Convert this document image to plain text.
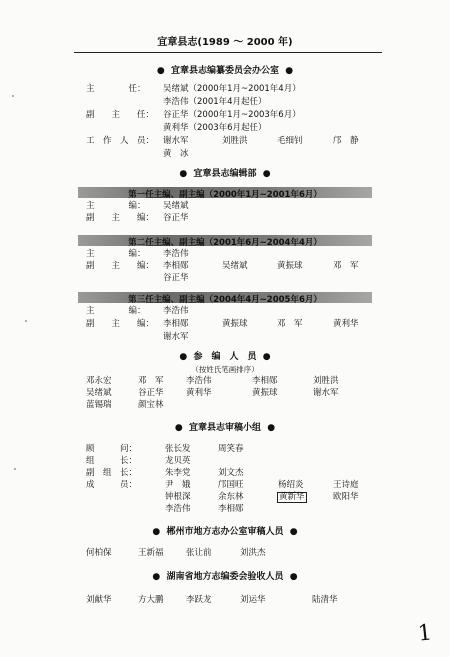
宜章县志(1989 ～ 2000 年)
●  宜章县志编纂委员会办公室  ●
主　　　　任： 吴绪斌（2000年1月~2001年4月）
李浩伟（2001年4月起任）
副　　主　　任： 谷正华（2000年1月~2003年6月）
黄利华（2003年6月起任）
工　作　人　员： 谢水军	刘胜洪	毛细钊	邝　静
黄　冰
●  宜章县志编辑部  ●
第一任主编、副主编（2000年1月~2001年6月）
主　　　　编： 吴绪斌
副　　主　　编： 谷正华
第二任主编、副主编（2001年6月~2004年4月）
主　　　　编： 李浩伟
副　　主　　编： 李相郧	吴绪斌	黄振球	邓　军
谷正华
第三任主编、副主编（2004年4月~2005年6月）
主　　　　编： 李浩伟
副　　主　　编： 李相郧	黄振球	邓　军	黄利华
谢水军
●  参　编　人　员  ●
（按姓氏笔画排序）
邓永宏	邓　军	李浩伟	李相郧	刘胜洪
吴绪斌	谷正华	黄利华	黄振球	谢水军
蓝锡瑞	颜宝林
●  宜章县志审稿小组  ●
顾　　　问：	张长发	周笑春
组　　　长：	龙贝英
副　组　长：	朱李党	刘文杰
成　　　员：	尹　娥	邝国旺	杨绍炎	王诗庭
钟根深	余东林	黄新华	欧阳华
李浩伟	李相郧
●  郴州市地方志办公室审稿人员  ●
何柏保	王新福	张让前	刘洪杰
●  湖南省地方志编委会验收人员  ●
刘献华	方大鹏	李跃龙	刘运华	陆清华
1
